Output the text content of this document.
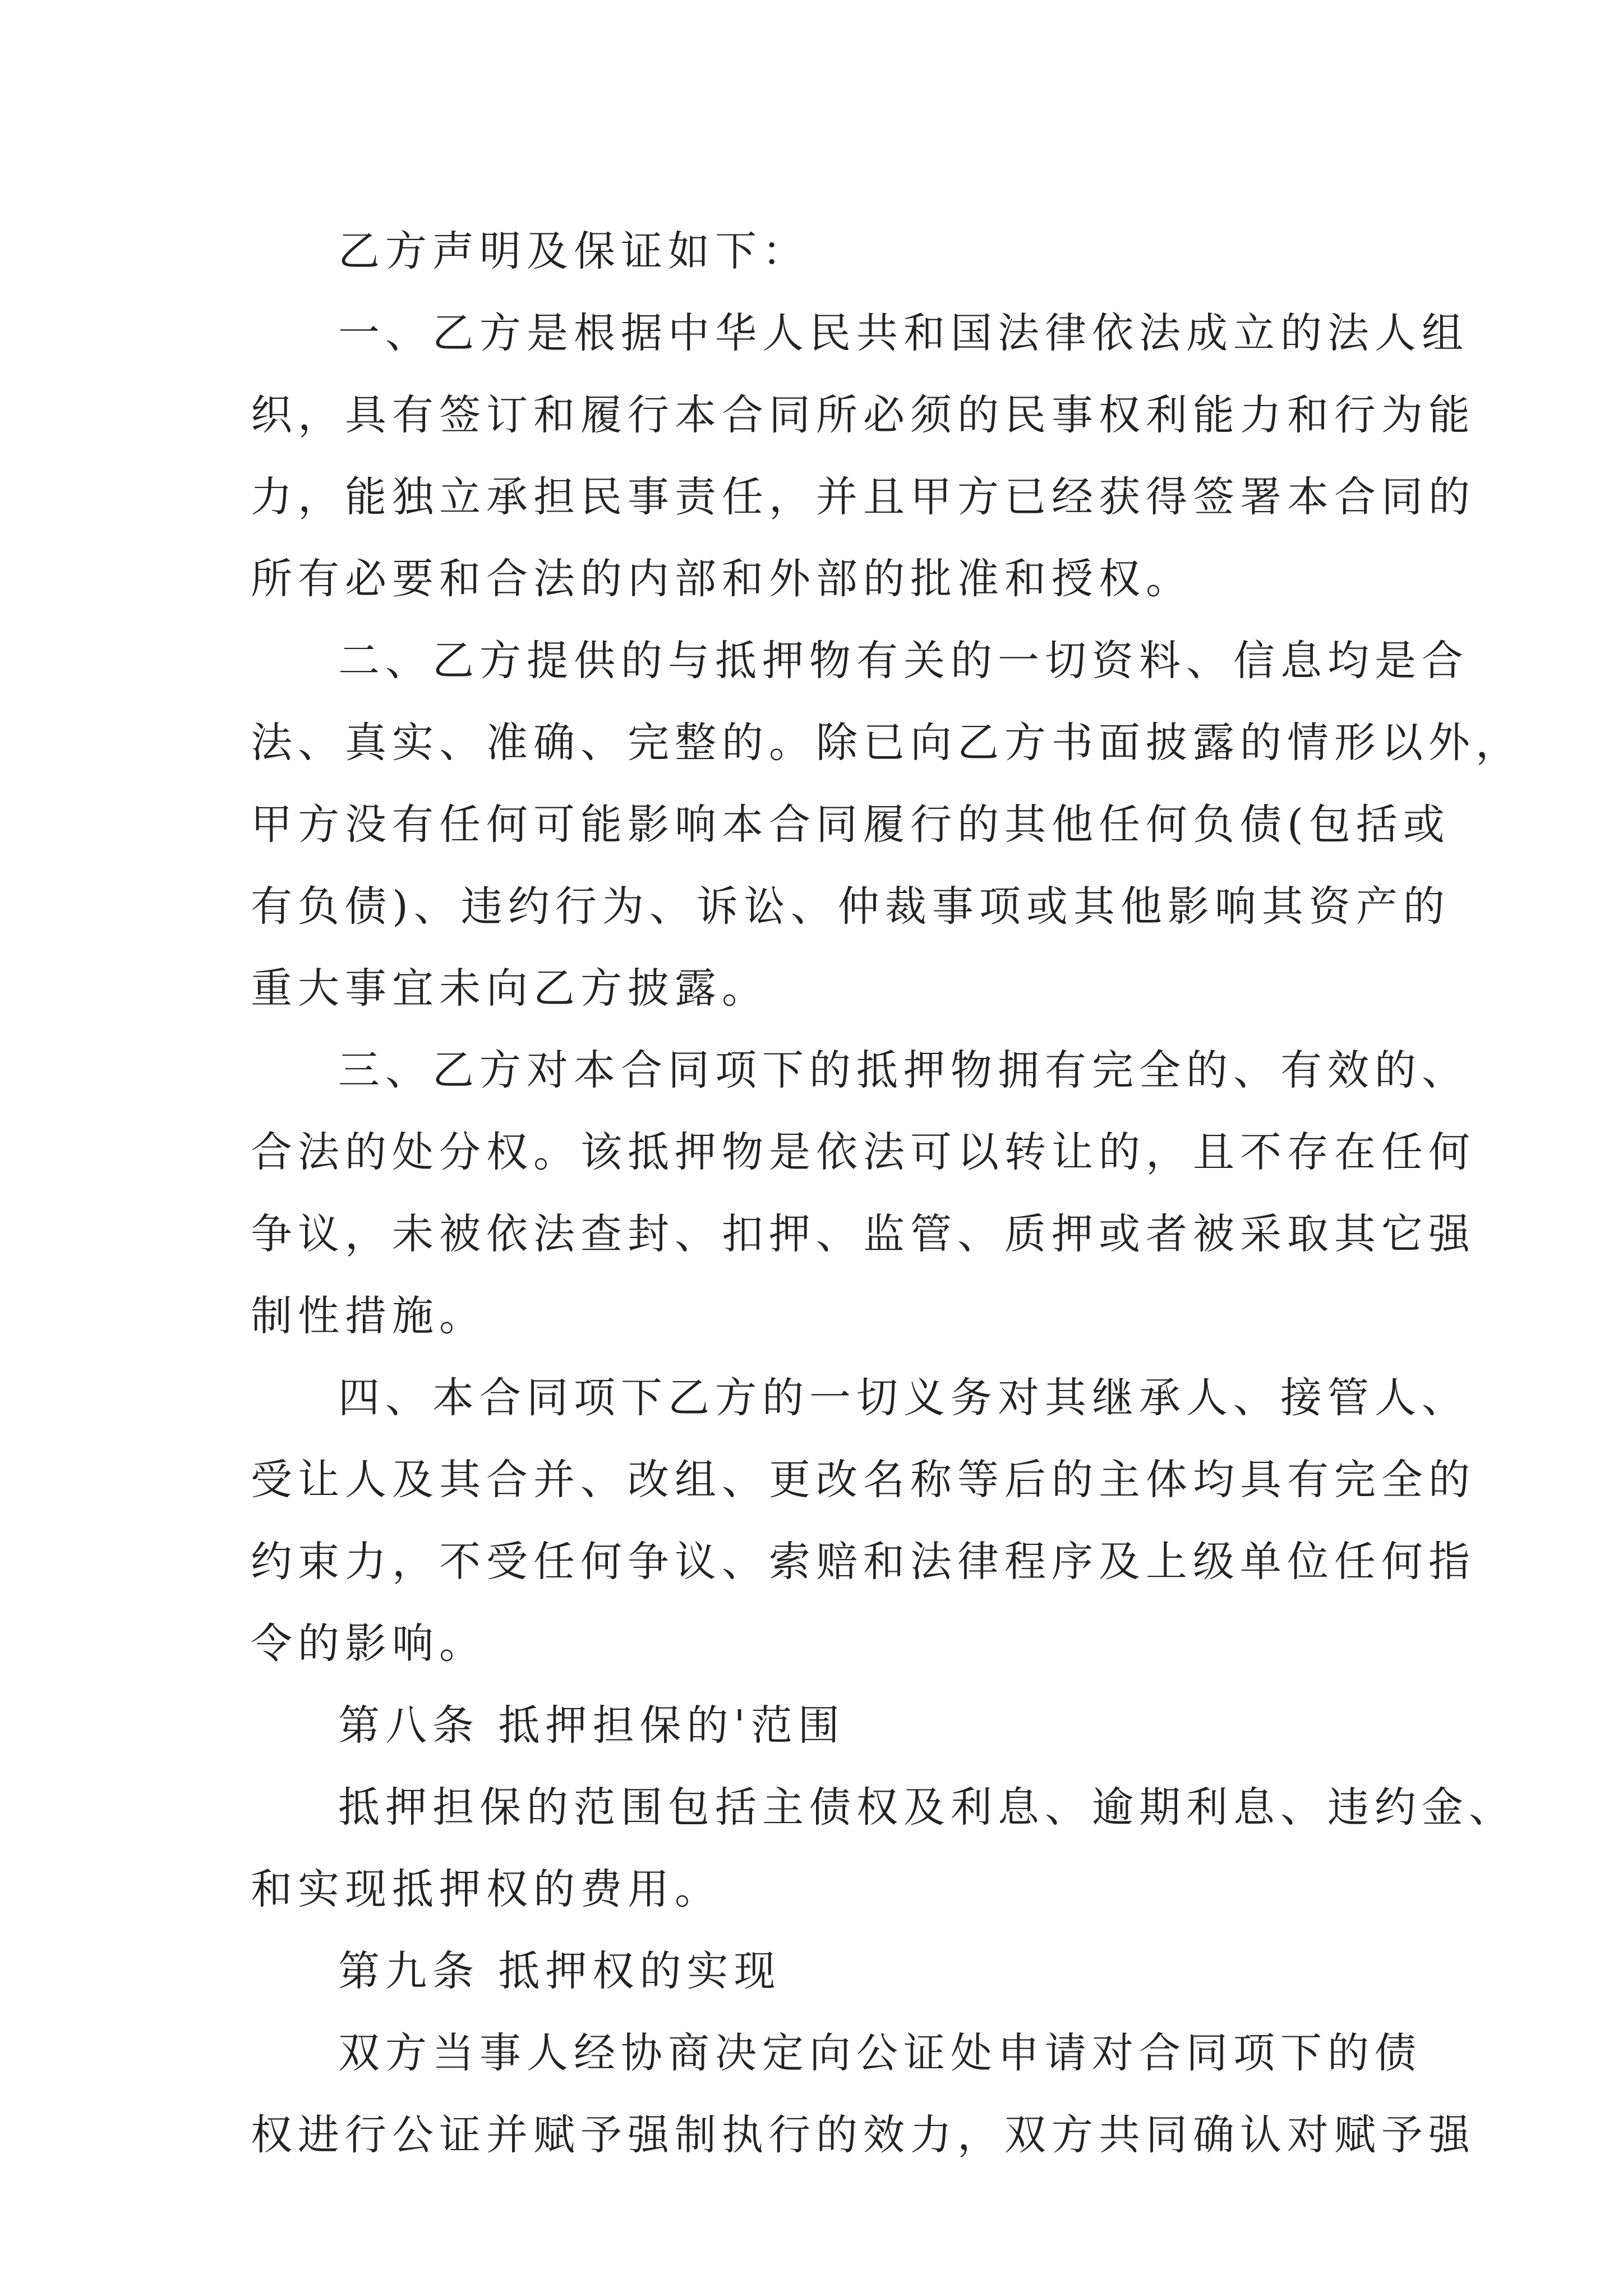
乙方声明及保证如下：
一、乙方是根据中华人民共和国法律依法成立的法人组
织，具有签订和履行本合同所必须的民事权利能力和行为能
力，能独立承担民事责任，并且甲方已经获得签署本合同的
所有必要和合法的内部和外部的批准和授权。
二、乙方提供的与抵押物有关的一切资料、信息均是合
法、真实、准确、完整的。除已向乙方书面披露的情形以外，
甲方没有任何可能影响本合同履行的其他任何负债(包括或
有负债)、违约行为、诉讼、仲裁事项或其他影响其资产的
重大事宜未向乙方披露。
三、乙方对本合同项下的抵押物拥有完全的、有效的、
合法的处分权。该抵押物是依法可以转让的，且不存在任何
争议，未被依法查封、扣押、监管、质押或者被采取其它强
制性措施。
四、本合同项下乙方的一切义务对其继承人、接管人、
受让人及其合并、改组、更改名称等后的主体均具有完全的
约束力，不受任何争议、索赔和法律程序及上级单位任何指
令的影响。
第八条 抵押担保的'范围
抵押担保的范围包括主债权及利息、逾期利息、违约金、
和实现抵押权的费用。
第九条 抵押权的实现
双方当事人经协商决定向公证处申请对合同项下的债
权进行公证并赋予强制执行的效力，双方共同确认对赋予强
